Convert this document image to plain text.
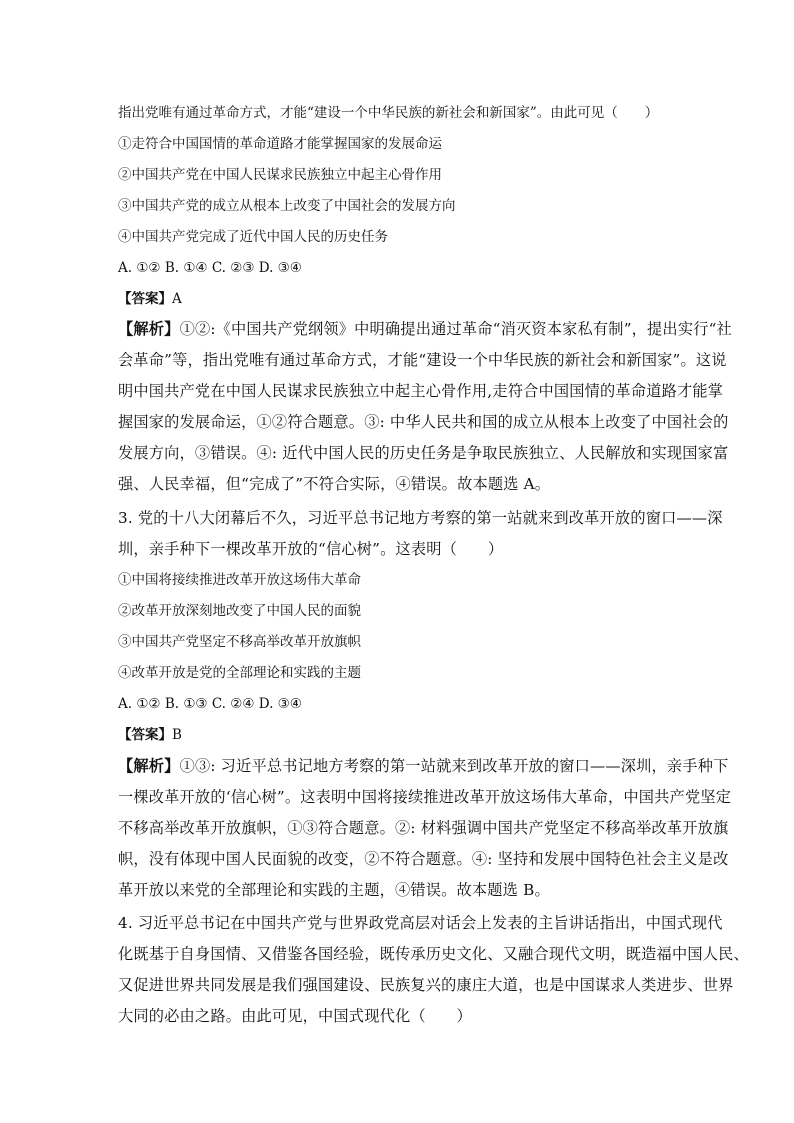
指出党唯有通过革命方式，才能“建设一个中华民族的新社会和新国家”。由此可见（　　）
①走符合中国国情的革命道路才能掌握国家的发展命运
②中国共产党在中国人民谋求民族独立中起主心骨作用
③中国共产党的成立从根本上改变了中国社会的发展方向
④中国共产党完成了近代中国人民的历史任务
A. ①② B. ①④ C. ②③ D. ③④
【答案】A
【解析】①②:《中国共产党纲领》中明确提出通过革命“消灭资本家私有制”，提出实行“社
会革命”等，指出党唯有通过革命方式，才能“建设一个中华民族的新社会和新国家”。这说
明中国共产党在中国人民谋求民族独立中起主心骨作用,走符合中国国情的革命道路才能掌
握国家的发展命运，①②符合题意。③: 中华人民共和国的成立从根本上改变了中国社会的
发展方向，③错误。④: 近代中国人民的历史任务是争取民族独立、人民解放和实现国家富
强、人民幸福，但“完成了”不符合实际，④错误。故本题选 A。
3. 党的十八大闭幕后不久，习近平总书记地方考察的第一站就来到改革开放的窗口——深
圳，亲手种下一棵改革开放的“信心树”。这表明（　　）
①中国将接续推进改革开放这场伟大革命
②改革开放深刻地改变了中国人民的面貌
③中国共产党坚定不移高举改革开放旗帜
④改革开放是党的全部理论和实践的主题
A. ①② B. ①③ C. ②④ D. ③④
【答案】B
【解析】①③: 习近平总书记地方考察的第一站就来到改革开放的窗口——深圳，亲手种下
一棵改革开放的‘信心树”。这表明中国将接续推进改革开放这场伟大革命，中国共产党坚定
不移高举改革开放旗帜，①③符合题意。②: 材料强调中国共产党坚定不移高举改革开放旗
帜，没有体现中国人民面貌的改变，②不符合题意。④: 坚持和发展中国特色社会主义是改
革开放以来党的全部理论和实践的主题，④错误。故本题选 B。
4. 习近平总书记在中国共产党与世界政党高层对话会上发表的主旨讲话指出，中国式现代
化既基于自身国情、又借鉴各国经验，既传承历史文化、又融合现代文明，既造福中国人民、
又促进世界共同发展是我们强国建设、民族复兴的康庄大道，也是中国谋求人类进步、世界
大同的必由之路。由此可见，中国式现代化（　　）
